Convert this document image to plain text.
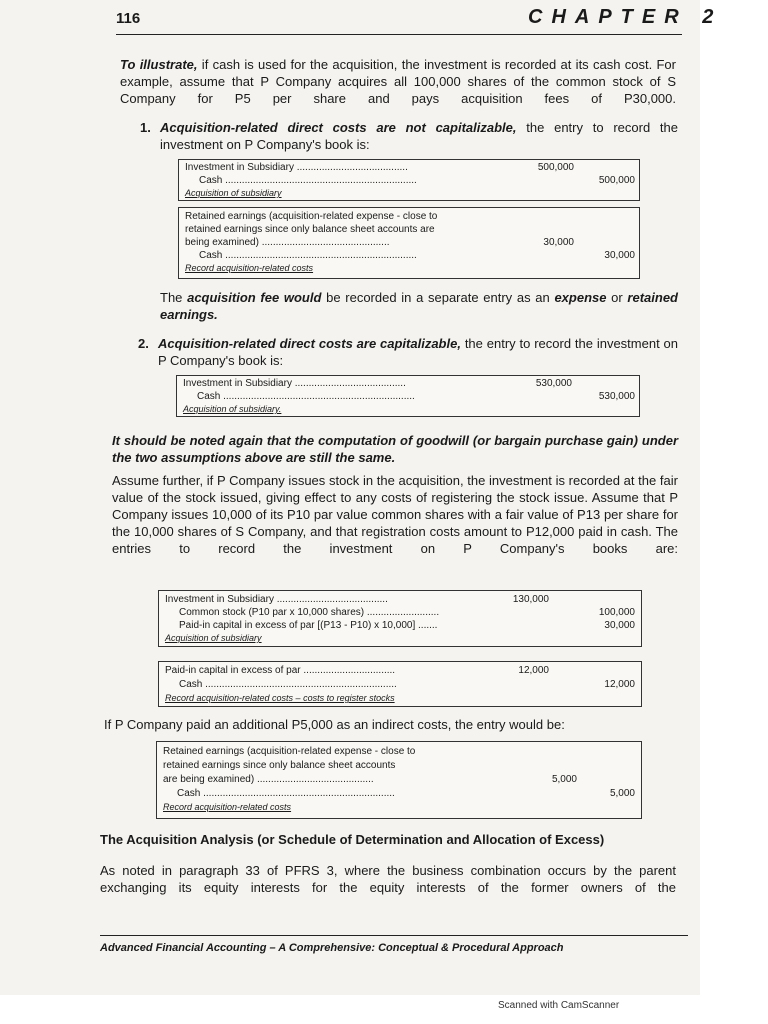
116	CHAPTER 2
To illustrate, if cash is used for the acquisition, the investment is recorded at its cash cost. For example, assume that P Company acquires all 100,000 shares of the common stock of S Company for P5 per share and pays acquisition fees of P30,000.
1. Acquisition-related direct costs are not capitalizable, the entry to record the investment on P Company's book is:
Investment in Subsidiary ........................................	500,000
Cash .....................................................................	500,000
Acquisition of subsidiary
Retained earnings (acquisition-related expense - close to
retained earnings since only balance sheet accounts are
being examined) ..............................................	30,000
Cash .....................................................................	30,000
Record acquisition-related costs
The acquisition fee would be recorded in a separate entry as an expense or retained earnings.
2. Acquisition-related direct costs are capitalizable, the entry to record the investment on P Company's book is:
Investment in Subsidiary ........................................	530,000
Cash .....................................................................	530,000
Acquisition of subsidiary.
It should be noted again that the computation of goodwill (or bargain purchase gain) under the two assumptions above are still the same.
Assume further, if P Company issues stock in the acquisition, the investment is recorded at the fair value of the stock issued, giving effect to any costs of registering the stock issue. Assume that P Company issues 10,000 of its P10 par value common shares with a fair value of P13 per share for the 10,000 shares of S Company, and that registration costs amount to P12,000 paid in cash. The entries to record the investment on P Company's books are:
Investment in Subsidiary ........................................	130,000
Common stock (P10 par x 10,000 shares) ..........................	100,000
Paid-in capital in excess of par [(P13 - P10) x 10,000] .......	30,000
Acquisition of subsidiary
Paid-in capital in excess of par .................................	12,000
Cash .....................................................................	12,000
Record acquisition-related costs – costs to register stocks
If P Company paid an additional P5,000 as an indirect costs, the entry would be:
Retained earnings (acquisition-related expense - close to
retained earnings since only balance sheet accounts
are being examined) ..........................................	5,000
Cash .....................................................................	5,000
Record acquisition-related costs
The Acquisition Analysis (or Schedule of Determination and Allocation of Excess)
As noted in paragraph 33 of PFRS 3, where the business combination occurs by the parent exchanging its equity interests for the equity interests of the former owners of the
Advanced Financial Accounting – A Comprehensive: Conceptual & Procedural Approach
Scanned with CamScanner
